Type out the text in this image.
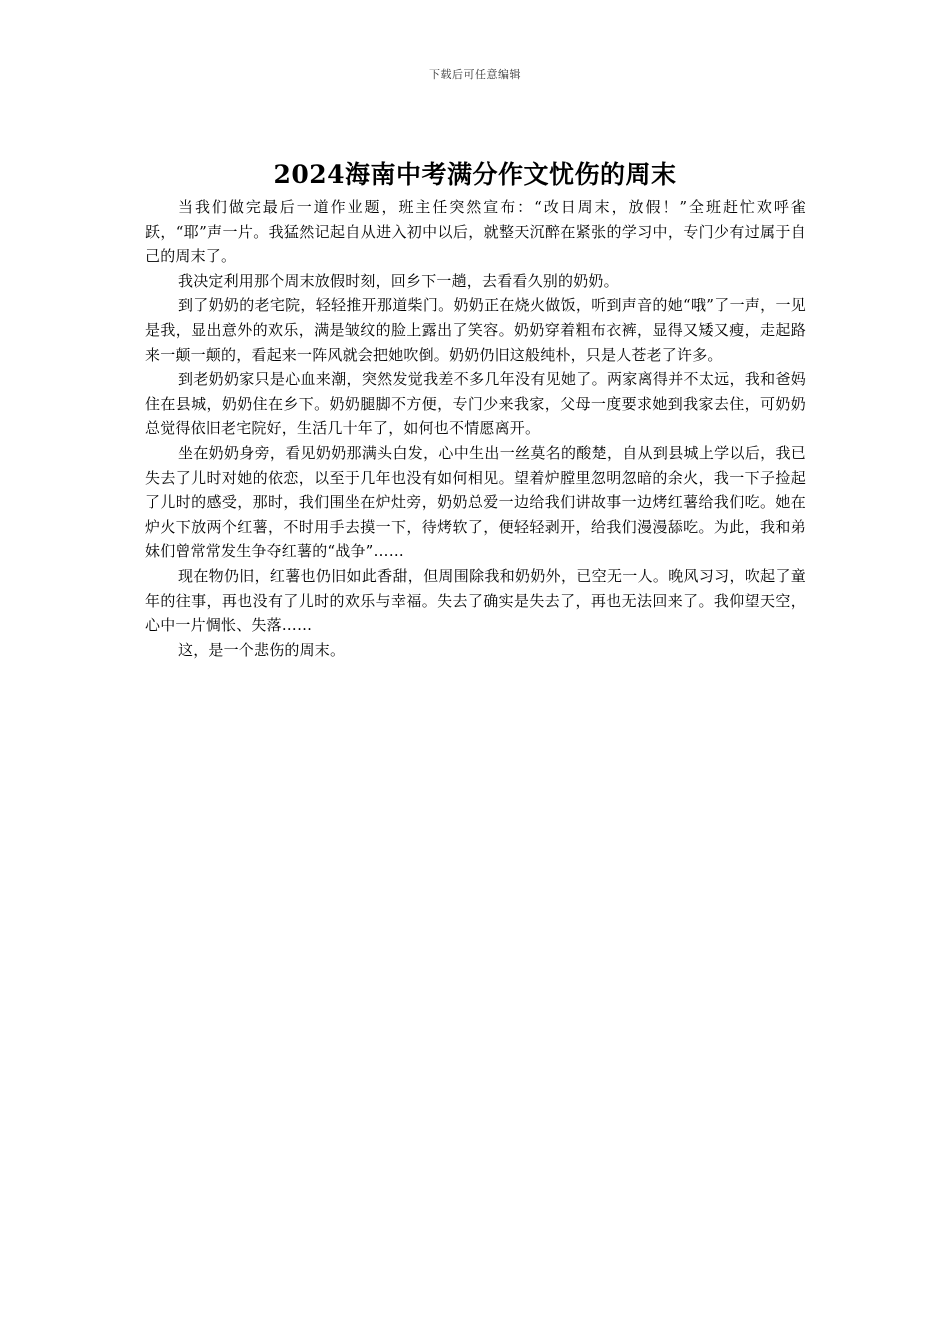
下载后可任意编辑
2024海南中考满分作文忧伤的周末

当我们做完最后一道作业题，班主任突然宣布：“改日周末，放假！”全班赶忙欢呼雀跃，“耶”声一片。我猛然记起自从进入初中以后，就整天沉醉在紧张的学习中，专门少有过属于自己的周末了。

我决定利用那个周末放假时刻，回乡下一趟，去看看久别的奶奶。

到了奶奶的老宅院，轻轻推开那道柴门。奶奶正在烧火做饭，听到声音的她“哦”了一声，一见是我，显出意外的欢乐，满是皱纹的脸上露出了笑容。奶奶穿着粗布衣裤，显得又矮又瘦，走起路来一颠一颠的，看起来一阵风就会把她吹倒。奶奶仍旧这般纯朴，只是人苍老了许多。

到老奶奶家只是心血来潮，突然发觉我差不多几年没有见她了。两家离得并不太远，我和爸妈住在县城，奶奶住在乡下。奶奶腿脚不方便，专门少来我家，父母一度要求她到我家去住，可奶奶总觉得依旧老宅院好，生活几十年了，如何也不情愿离开。

坐在奶奶身旁，看见奶奶那满头白发，心中生出一丝莫名的酸楚，自从到县城上学以后，我已失去了儿时对她的依恋，以至于几年也没有如何相见。望着炉膛里忽明忽暗的余火，我一下子捡起了儿时的感受，那时，我们围坐在炉灶旁，奶奶总爱一边给我们讲故事一边烤红薯给我们吃。她在炉火下放两个红薯，不时用手去摸一下，待烤软了，便轻轻剥开，给我们漫漫舔吃。为此，我和弟妹们曾常常发生争夺红薯的“战争”……

现在物仍旧，红薯也仍旧如此香甜，但周围除我和奶奶外，已空无一人。晚风习习，吹起了童年的往事，再也没有了儿时的欢乐与幸福。失去了确实是失去了，再也无法回来了。我仰望天空，心中一片惆怅、失落……

这，是一个悲伤的周末。
